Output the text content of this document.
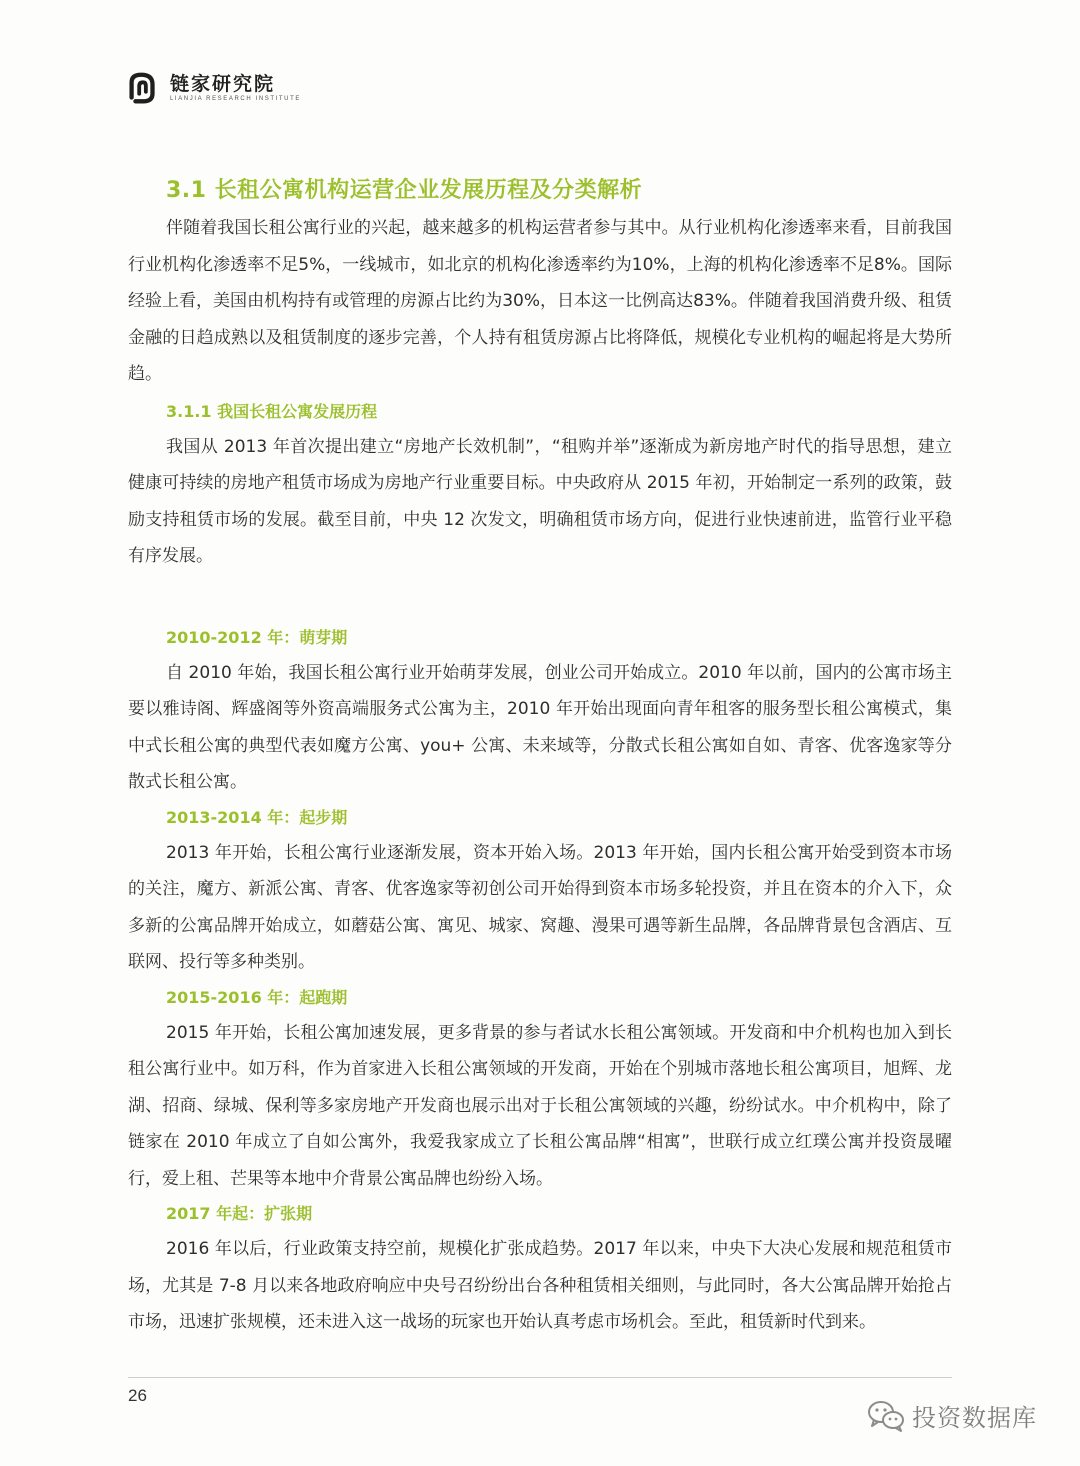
链家研究院
LIANJIA RESEARCH INSTITUTE
3.1 长租公寓机构运营企业发展历程及分类解析

伴随着我国长租公寓行业的兴起，越来越多的机构运营者参与其中。从行业机构化渗透率来看，目前我国行业机构化渗透率不足5%，一线城市，如北京的机构化渗透率约为10%，上海的机构化渗透率不足8%。国际经验上看，美国由机构持有或管理的房源占比约为30%，日本这一比例高达83%。伴随着我国消费升级、租赁金融的日趋成熟以及租赁制度的逐步完善，个人持有租赁房源占比将降低，规模化专业机构的崛起将是大势所趋。

3.1.1 我国长租公寓发展历程

我国从 2013 年首次提出建立“房地产长效机制”，“租购并举”逐渐成为新房地产时代的指导思想，建立健康可持续的房地产租赁市场成为房地产行业重要目标。中央政府从 2015 年初，开始制定一系列的政策，鼓励支持租赁市场的发展。截至目前，中央 12 次发文，明确租赁市场方向，促进行业快速前进，监管行业平稳有序发展。

2010-2012 年：萌芽期

自 2010 年始，我国长租公寓行业开始萌芽发展，创业公司开始成立。2010 年以前，国内的公寓市场主要以雅诗阁、辉盛阁等外资高端服务式公寓为主，2010 年开始出现面向青年租客的服务型长租公寓模式，集中式长租公寓的典型代表如魔方公寓、you+ 公寓、未来域等，分散式长租公寓如自如、青客、优客逸家等分散式长租公寓。

2013-2014 年：起步期

2013 年开始，长租公寓行业逐渐发展，资本开始入场。2013 年开始，国内长租公寓开始受到资本市场的关注，魔方、新派公寓、青客、优客逸家等初创公司开始得到资本市场多轮投资，并且在资本的介入下，众多新的公寓品牌开始成立，如蘑菇公寓、寓见、城家、窝趣、漫果可遇等新生品牌，各品牌背景包含酒店、互联网、投行等多种类别。

2015-2016 年：起跑期

2015 年开始，长租公寓加速发展，更多背景的参与者试水长租公寓领域。开发商和中介机构也加入到长租公寓行业中。如万科，作为首家进入长租公寓领域的开发商，开始在个别城市落地长租公寓项目，旭辉、龙湖、招商、绿城、保利等多家房地产开发商也展示出对于长租公寓领域的兴趣，纷纷试水。中介机构中，除了链家在 2010 年成立了自如公寓外，我爱我家成立了长租公寓品牌“相寓”，世联行成立红璞公寓并投资晟曜行，爱上租、芒果等本地中介背景公寓品牌也纷纷入场。

2017 年起：扩张期

2016 年以后，行业政策支持空前，规模化扩张成趋势。2017 年以来，中央下大决心发展和规范租赁市场，尤其是 7-8 月以来各地政府响应中央号召纷纷出台各种租赁相关细则，与此同时，各大公寓品牌开始抢占市场，迅速扩张规模，还未进入这一战场的玩家也开始认真考虑市场机会。至此，租赁新时代到来。

26
投资数据库
